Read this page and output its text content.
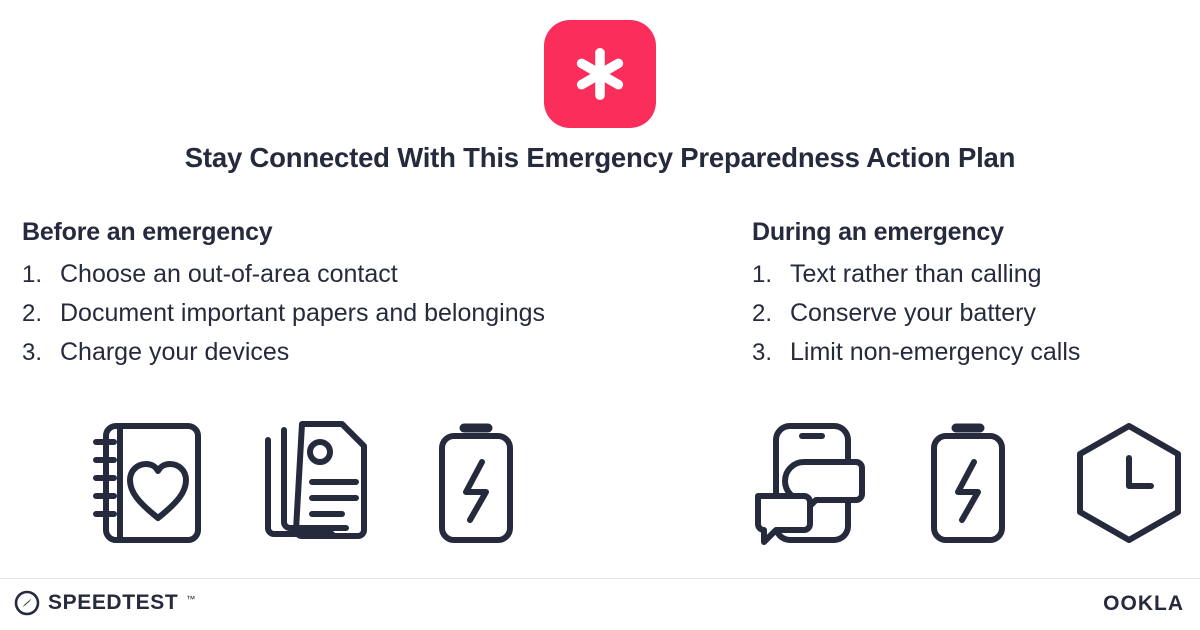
Stay Connected With This Emergency Preparedness Action Plan
Before an emergency
1. Choose an out-of-area contact
2. Document important papers and belongings
3. Charge your devices
During an emergency
1. Text rather than calling
2. Conserve your battery
3. Limit non-emergency calls
SPEEDTEST ™	OOKLA
